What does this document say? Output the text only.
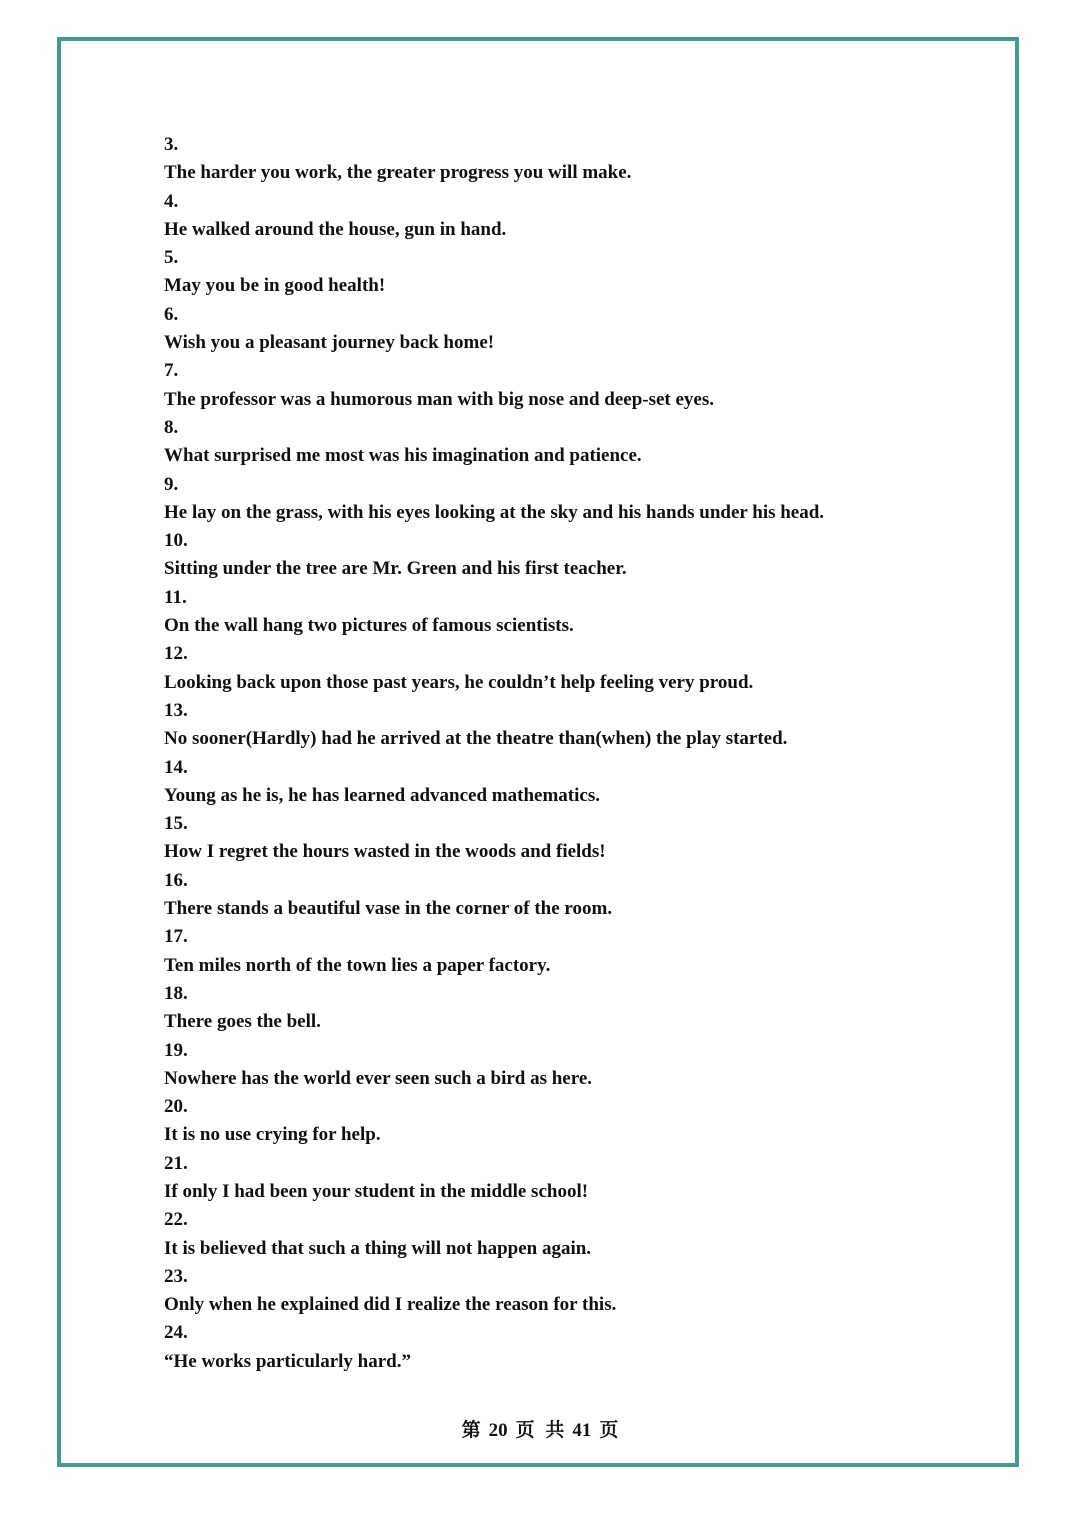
3.
The harder you work, the greater progress you will make.
4.
He walked around the house, gun in hand.
5.
May you be in good health!
6.
Wish you a pleasant journey back home!
7.
The professor was a humorous man with big nose and deep-set eyes.
8.
What surprised me most was his imagination and patience.
9.
He lay on the grass, with his eyes looking at the sky and his hands under his head.
10.
Sitting under the tree are Mr. Green and his first teacher.
11.
On the wall hang two pictures of famous scientists.
12.
Looking back upon those past years, he couldn’t help feeling very proud.
13.
No sooner(Hardly) had he arrived at the theatre than(when) the play started.
14.
Young as he is, he has learned advanced mathematics.
15.
How I regret the hours wasted in the woods and fields!
16.
There stands a beautiful vase in the corner of the room.
17.
Ten miles north of the town lies a paper factory.
18.
There goes the bell.
19.
Nowhere has the world ever seen such a bird as here.
20.
It is no use crying for help.
21.
If only I had been your student in the middle school!
22.
It is believed that such a thing will not happen again.
23.
Only when he explained did I realize the reason for this.
24.
“He works particularly hard.”
第 20 页 共 41 页
